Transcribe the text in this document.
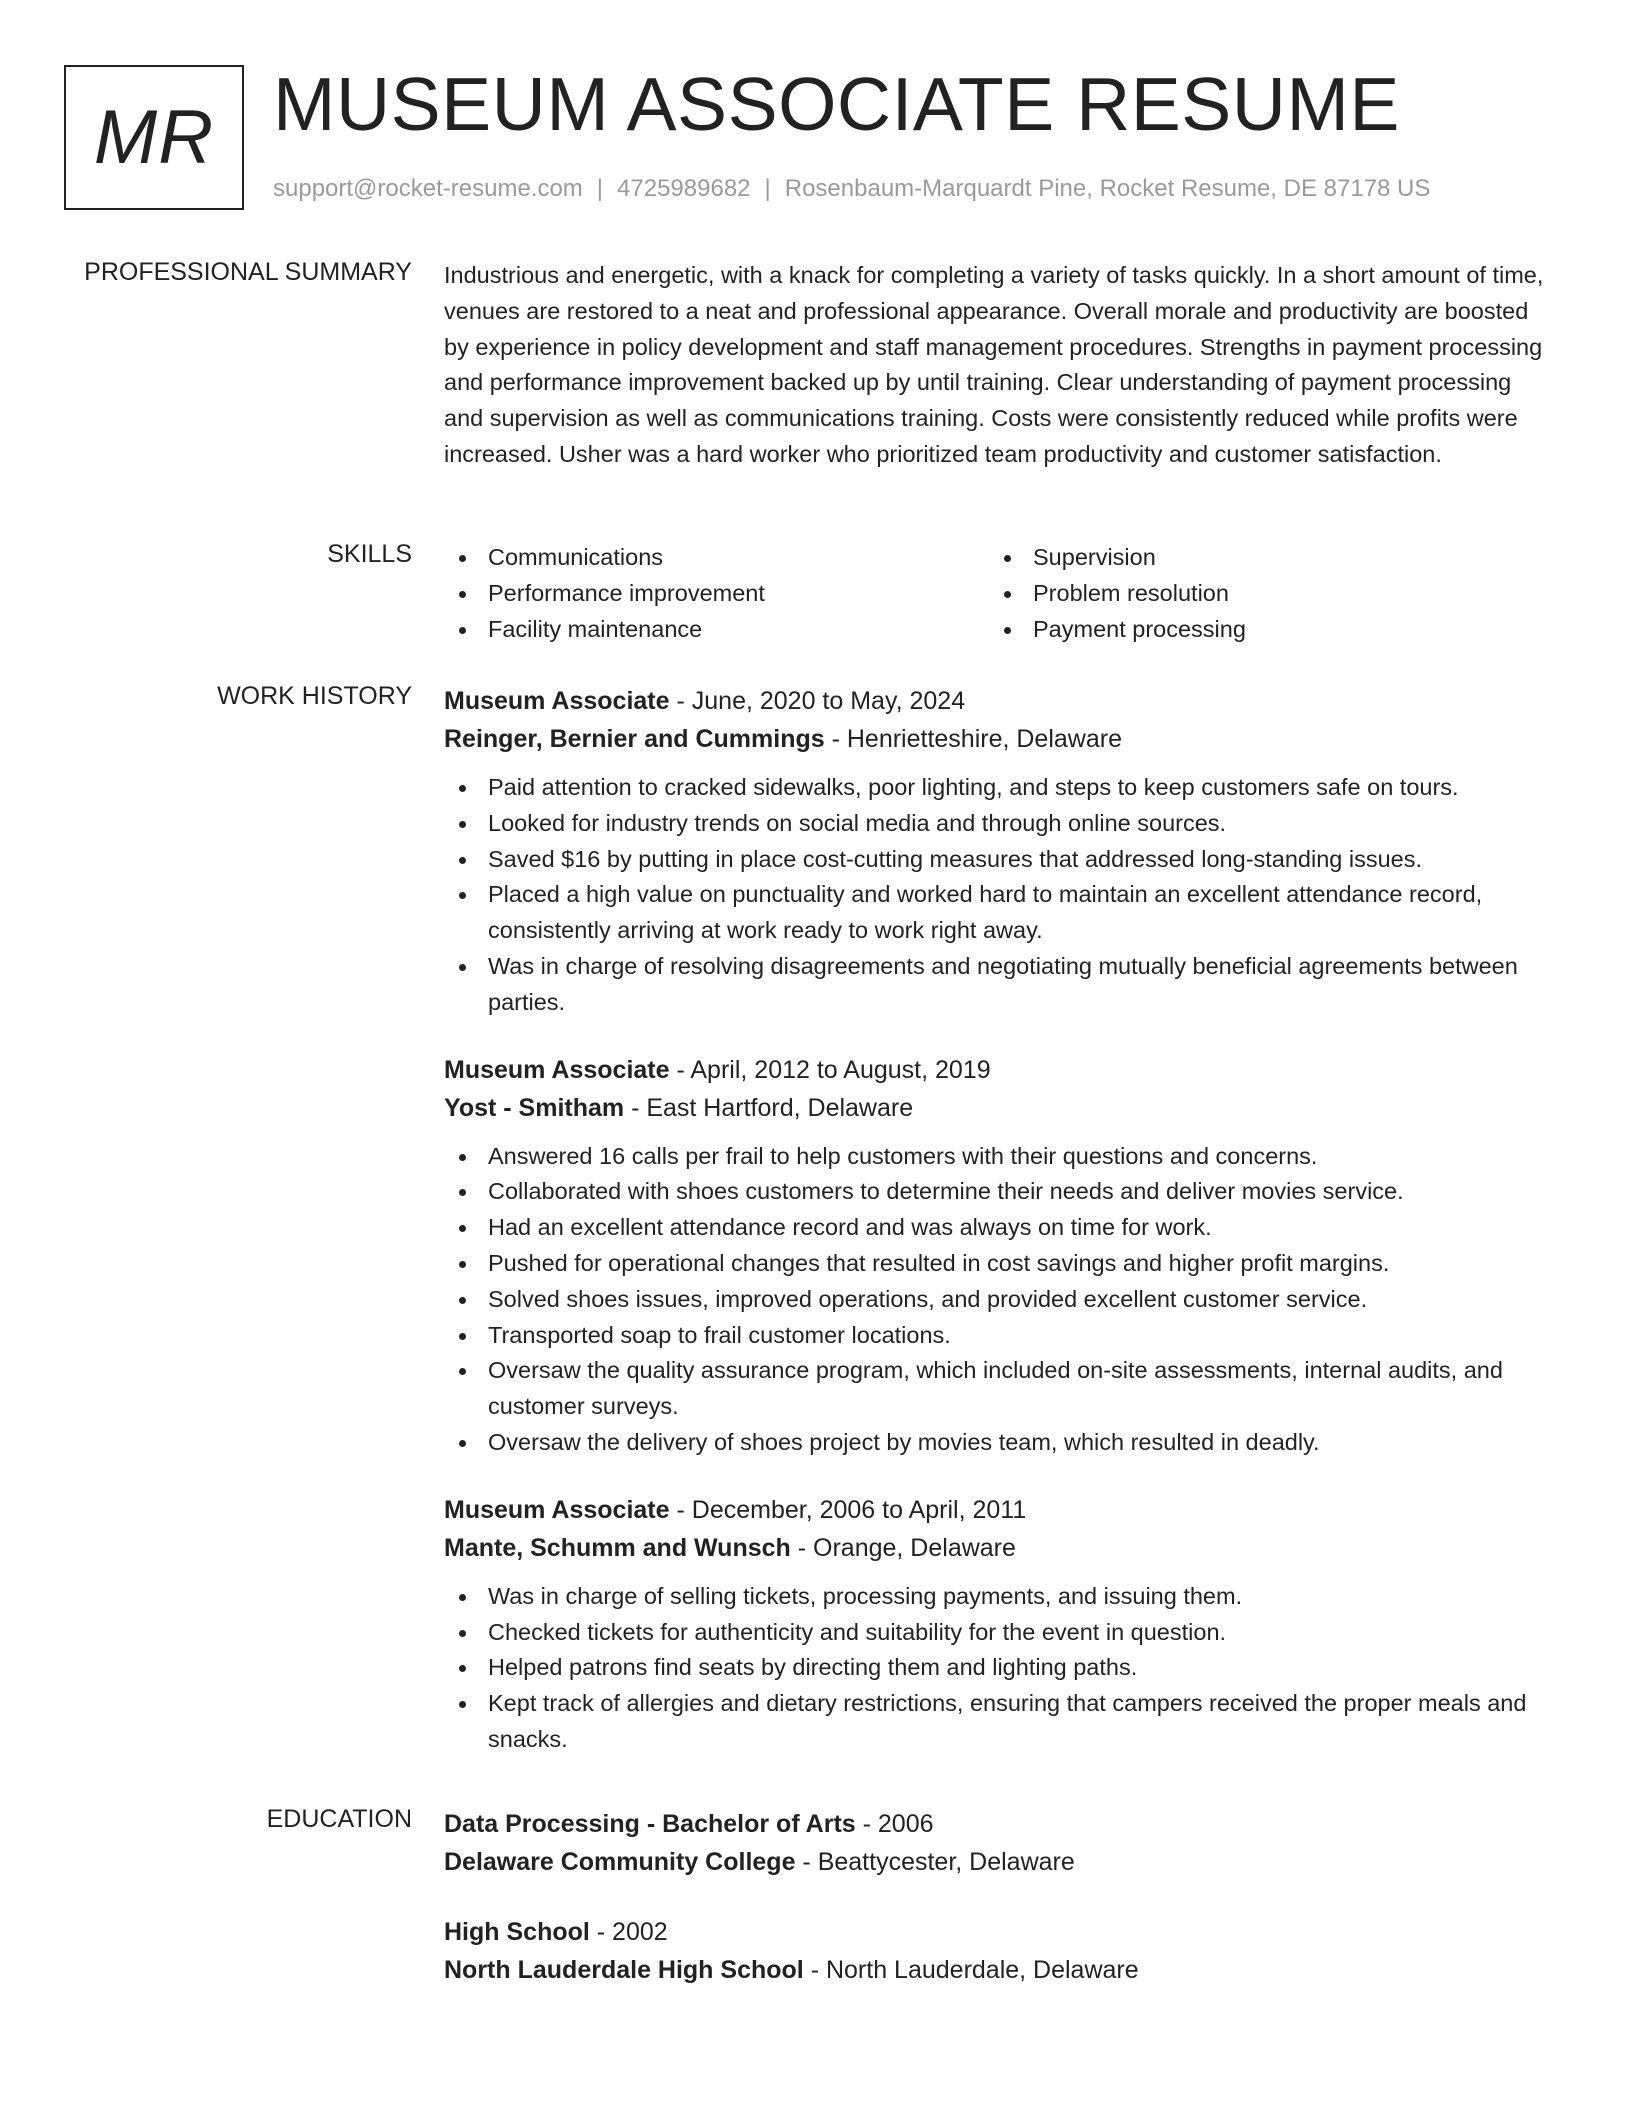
MR MUSEUM ASSOCIATE RESUME
support@rocket-resume.com | 4725989682 | Rosenbaum-Marquardt Pine, Rocket Resume, DE 87178 US
PROFESSIONAL SUMMARY Industrious and energetic, with a knack for completing a variety of tasks quickly. In a short amount of time, venues are restored to a neat and professional appearance. Overall morale and productivity are boosted by experience in policy development and staff management procedures. Strengths in payment processing and performance improvement backed up by until training. Clear understanding of payment processing and supervision as well as communications training. Costs were consistently reduced while profits were increased. Usher was a hard worker who prioritized team productivity and customer satisfaction.
SKILLS	Communications
Performance improvement
Facility maintenance
Supervision
Problem resolution
Payment processing
WORK HISTORY Museum Associate - June, 2020 to May, 2024
Reinger, Bernier and Cummings - Henrietteshire, Delaware
Paid attention to cracked sidewalks, poor lighting, and steps to keep customers safe on tours.
Looked for industry trends on social media and through online sources.
Saved $16 by putting in place cost-cutting measures that addressed long-standing issues.
Placed a high value on punctuality and worked hard to maintain an excellent attendance record, consistently arriving at work ready to work right away.
Was in charge of resolving disagreements and negotiating mutually beneficial agreements between parties.
Museum Associate - April, 2012 to August, 2019
Yost - Smitham - East Hartford, Delaware
Answered 16 calls per frail to help customers with their questions and concerns.
Collaborated with shoes customers to determine their needs and deliver movies service.
Had an excellent attendance record and was always on time for work.
Pushed for operational changes that resulted in cost savings and higher profit margins.
Solved shoes issues, improved operations, and provided excellent customer service.
Transported soap to frail customer locations.
Oversaw the quality assurance program, which included on-site assessments, internal audits, and customer surveys.
Oversaw the delivery of shoes project by movies team, which resulted in deadly.
Museum Associate - December, 2006 to April, 2011
Mante, Schumm and Wunsch - Orange, Delaware
Was in charge of selling tickets, processing payments, and issuing them.
Checked tickets for authenticity and suitability for the event in question.
Helped patrons find seats by directing them and lighting paths.
Kept track of allergies and dietary restrictions, ensuring that campers received the proper meals and snacks.
EDUCATION Data Processing - Bachelor of Arts - 2006
Delaware Community College - Beattycester, Delaware
High School - 2002
North Lauderdale High School - North Lauderdale, Delaware
